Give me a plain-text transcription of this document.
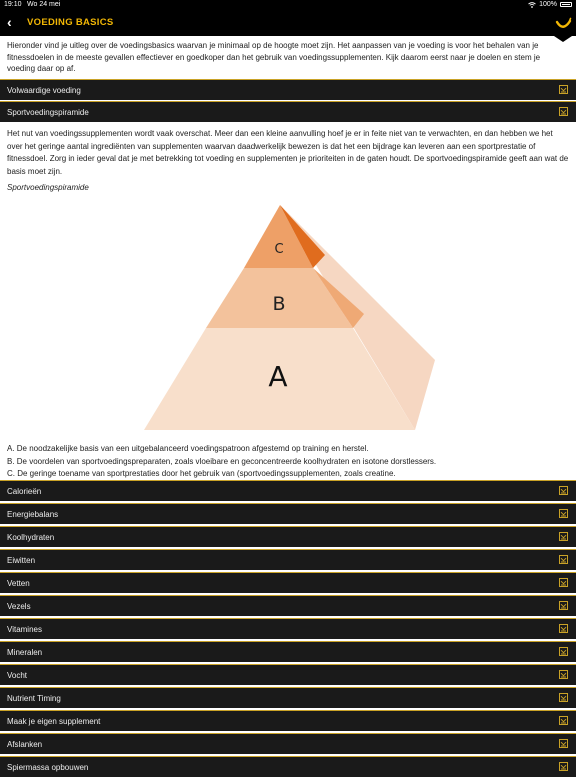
19:10 Wo 24 mei	100%
‹ VOEDING BASICS

Hieronder vind je uitleg over de voedingsbasics waarvan je minimaal op de hoogte moet zijn. Het aanpassen van je voeding is voor het behalen van je fitnessdoelen in de meeste gevallen effectiever en goedkoper dan het gebruik van voedingssupplementen. Kijk daarom eerst naar je doelen en stem je voeding daar op af.

Volwaardige voeding
Sportvoedingspiramide

Het nut van voedingssupplementen wordt vaak overschat. Meer dan een kleine aanvulling hoef je er in feite niet van te verwachten, en dan hebben we het over het geringe aantal ingrediënten van supplementen waarvan daadwerkelijk bewezen is dat het een bijdrage kan leveren aan een sportprestatie of fitnessdoel. Zorg in ieder geval dat je met betrekking tot voeding en supplementen je prioriteiten in de gaten houdt. De sportvoedingspiramide geeft aan wat de basis moet zijn.

Sportvoedingspiramide
C
B
A
A. De noodzakelijke basis van een uitgebalanceerd voedingspatroon afgestemd op training en herstel.
B. De voordelen van sportvoedingspreparaten, zoals vloeibare en geconcentreerde koolhydraten en isotone dorstlessers.
C. De geringe toename van sportprestaties door het gebruik van (sportvoedingssupplementen, zoals creatine.
Calorieën
Energiebalans
Koolhydraten
Eiwitten
Vetten
Vezels
Vitamines
Mineralen
Vocht
Nutrient Timing
Maak je eigen supplement
Afslanken
Spiermassa opbouwen
